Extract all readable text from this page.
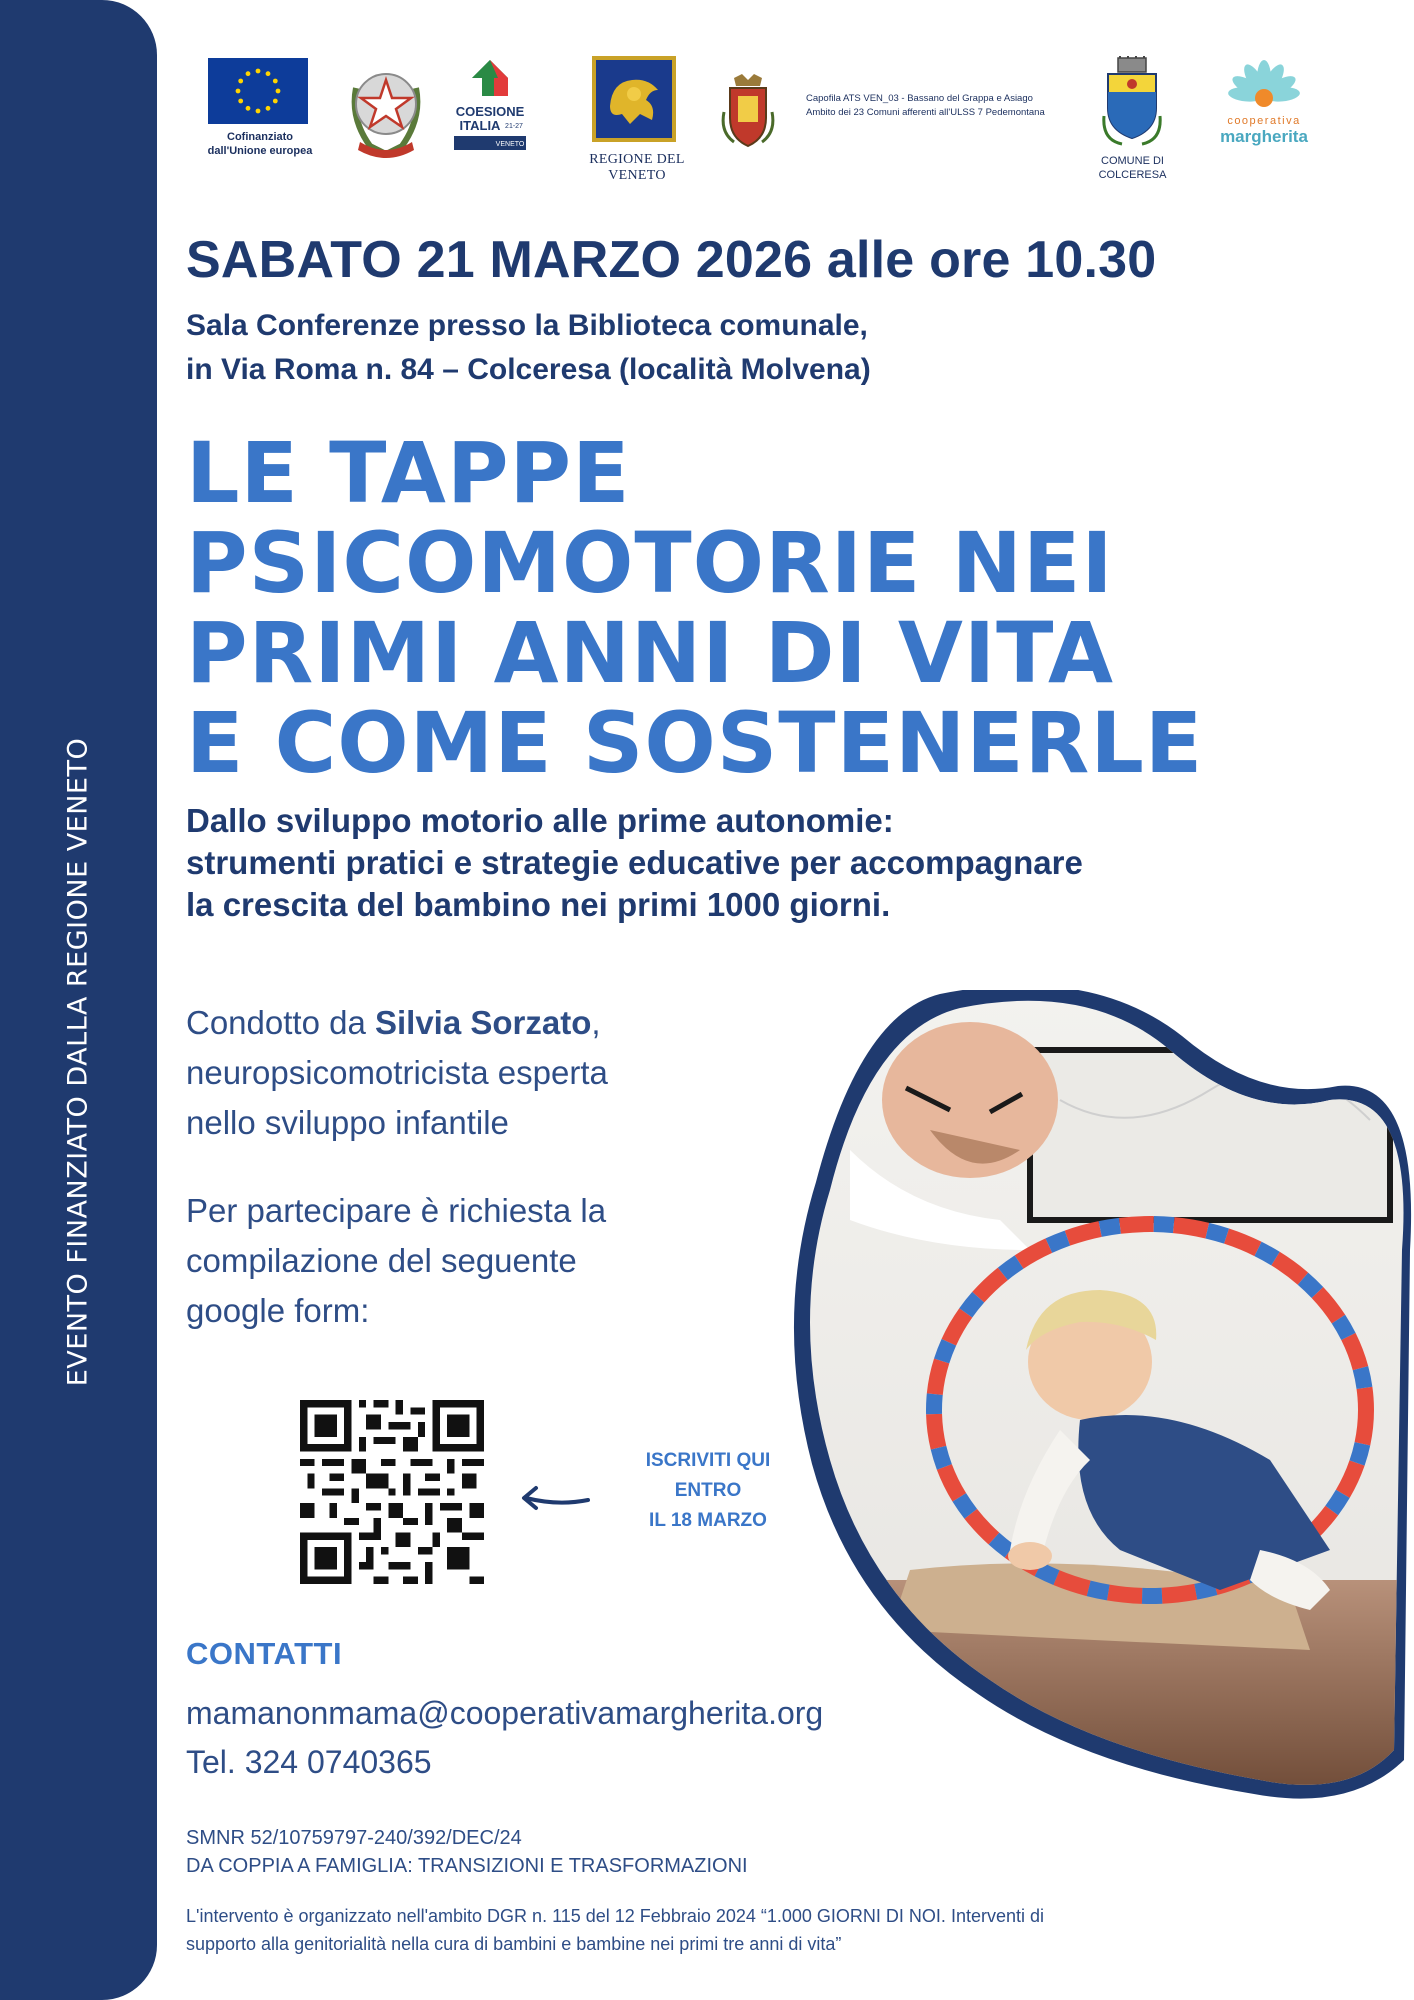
EVENTO FINANZIATO DALLA REGIONE VENETO
Cofinanziato
dall'Unione europea
COESIONE
ITALIA 21-27
VENETO
REGIONE DEL VENETO
Capofila ATS VEN_03 - Bassano del Grappa e Asiago
Ambito dei 23 Comuni afferenti all'ULSS 7 Pedemontana
COMUNE DI
COLCERESA
cooperativa
margherita
SABATO 21 MARZO 2026 alle ore 10.30
Sala Conferenze presso la Biblioteca comunale,
in Via Roma n. 84 – Colceresa (località Molvena)
LE TAPPE
PSICOMOTORIE NEI
PRIMI ANNI DI VITA
E COME SOSTENERLE
Dallo sviluppo motorio alle prime autonomie:
strumenti pratici e strategie educative per accompagnare
la crescita del bambino nei primi 1000 giorni.
Condotto da Silvia Sorzato,
neuropsicomotricista esperta
nello sviluppo infantile
Per partecipare è richiesta la
compilazione del seguente
google form:
ISCRIVITI QUI
ENTRO
IL 18 MARZO
CONTATTI
mamanonmama@cooperativamargherita.org
Tel. 324 0740365
SMNR 52/10759797-240/392/DEC/24
DA COPPIA A FAMIGLIA: TRANSIZIONI E TRASFORMAZIONI
L'intervento è organizzato nell'ambito DGR n. 115 del 12 Febbraio 2024 “1.000 GIORNI DI NOI. Interventi di
supporto alla genitorialità nella cura di bambini e bambine nei primi tre anni di vita”
